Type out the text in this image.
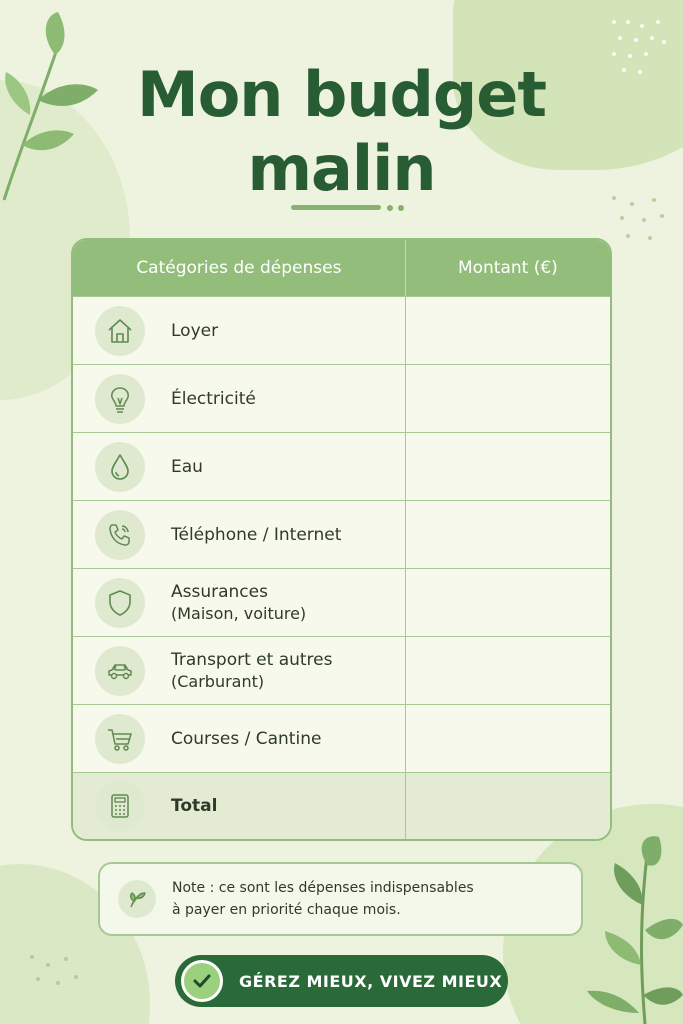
Mon budget
malin
Catégories de dépenses	Montant (€)
Loyer
Électricité
Eau
Téléphone / Internet
Assurances
(Maison, voiture)
Transport et autres
(Carburant)
Courses / Cantine
Total
Note : ce sont les dépenses indispensables
à payer en priorité chaque mois.
GÉREZ MIEUX, VIVEZ MIEUX
